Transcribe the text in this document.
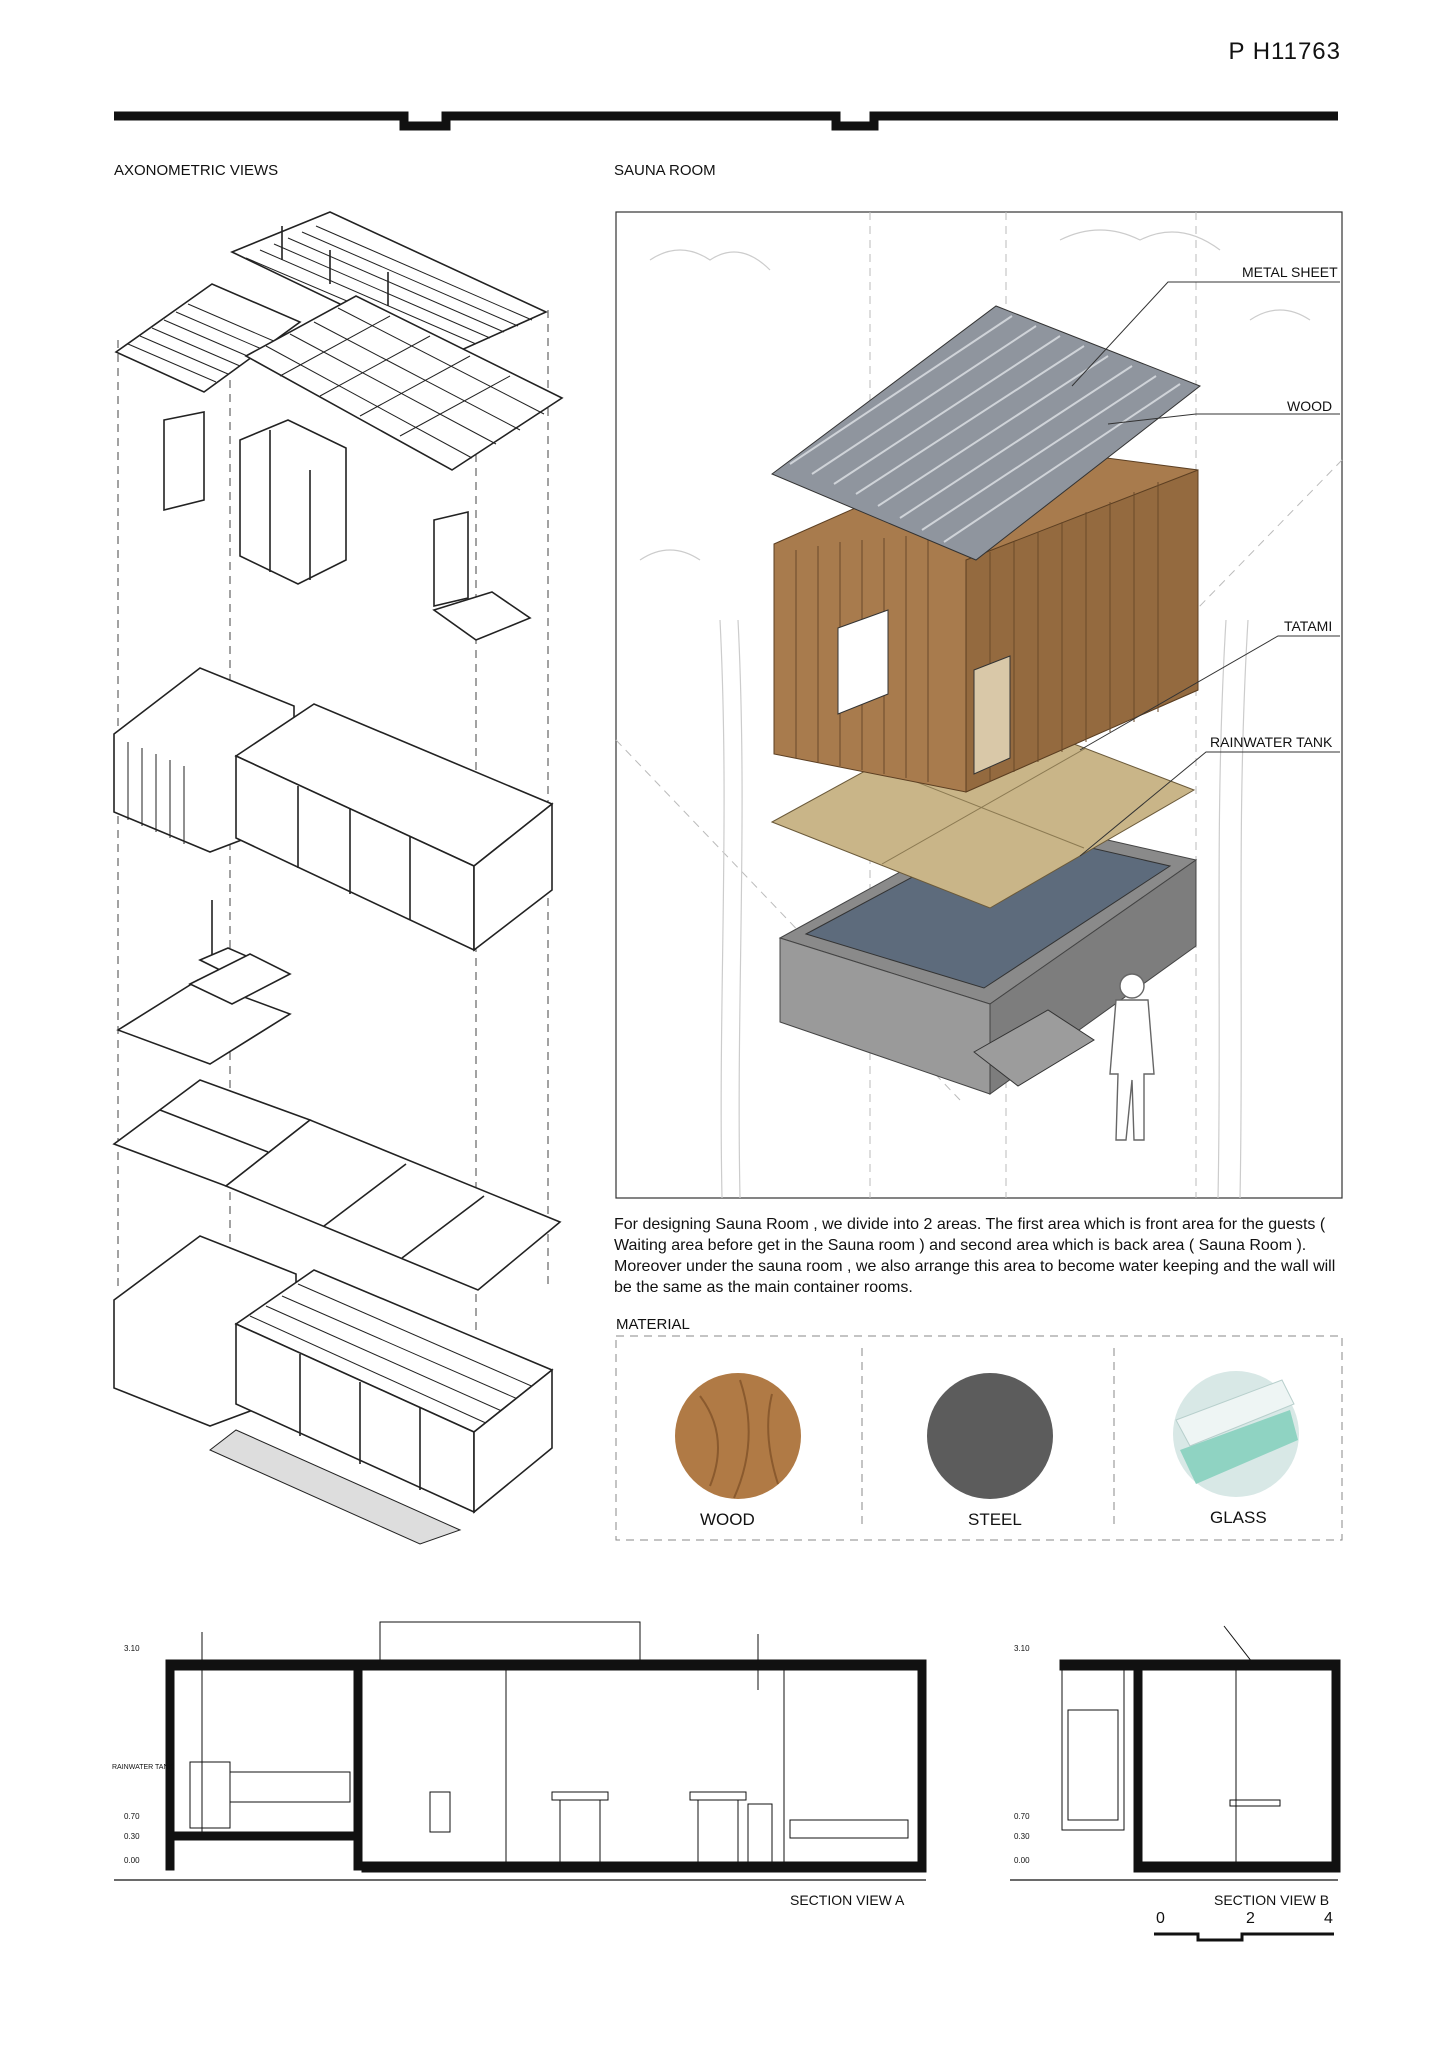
P H11763
AXONOMETRIC VIEWS	SAUNA ROOM
METAL SHEET
WOOD
TATAMI
RAINWATER TANK
For designing Sauna Room , we divide into 2 areas. The first area which is front area for the guests ( Waiting area before get in the Sauna room ) and second area which is back area ( Sauna Room ). Moreover under the sauna room , we also arrange this area to become water keeping and the wall will be the same as the main container rooms.
MATERIAL
WOOD	STEEL	GLASS
SECTION VIEW A	SECTION VIEW B
RAINWATER TANK
3.10
0.70
0.30
0.00
3.10
0.70
0.30
0.00
0	2	4
